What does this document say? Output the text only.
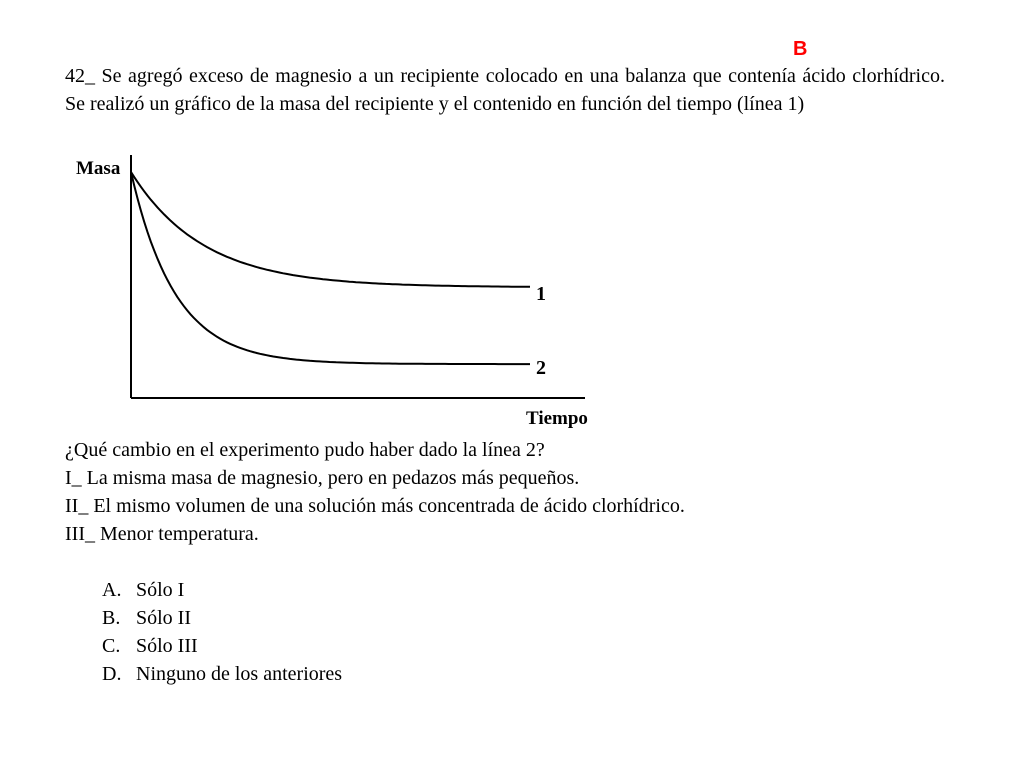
B
42_ Se agregó exceso de magnesio a un recipiente colocado en una balanza que contenía ácido clorhídrico. Se realizó un gráfico de la masa del recipiente y el contenido en función del tiempo (línea 1)
Masa
Tiempo
1
2
¿Qué cambio en el experimento pudo haber dado la línea 2?
I_ La misma masa de magnesio, pero en pedazos más pequeños.
II_ El mismo volumen de una solución más concentrada de ácido clorhídrico.
III_ Menor temperatura.
A. Sólo I
B. Sólo II
C. Sólo III
D. Ninguno de los anteriores
